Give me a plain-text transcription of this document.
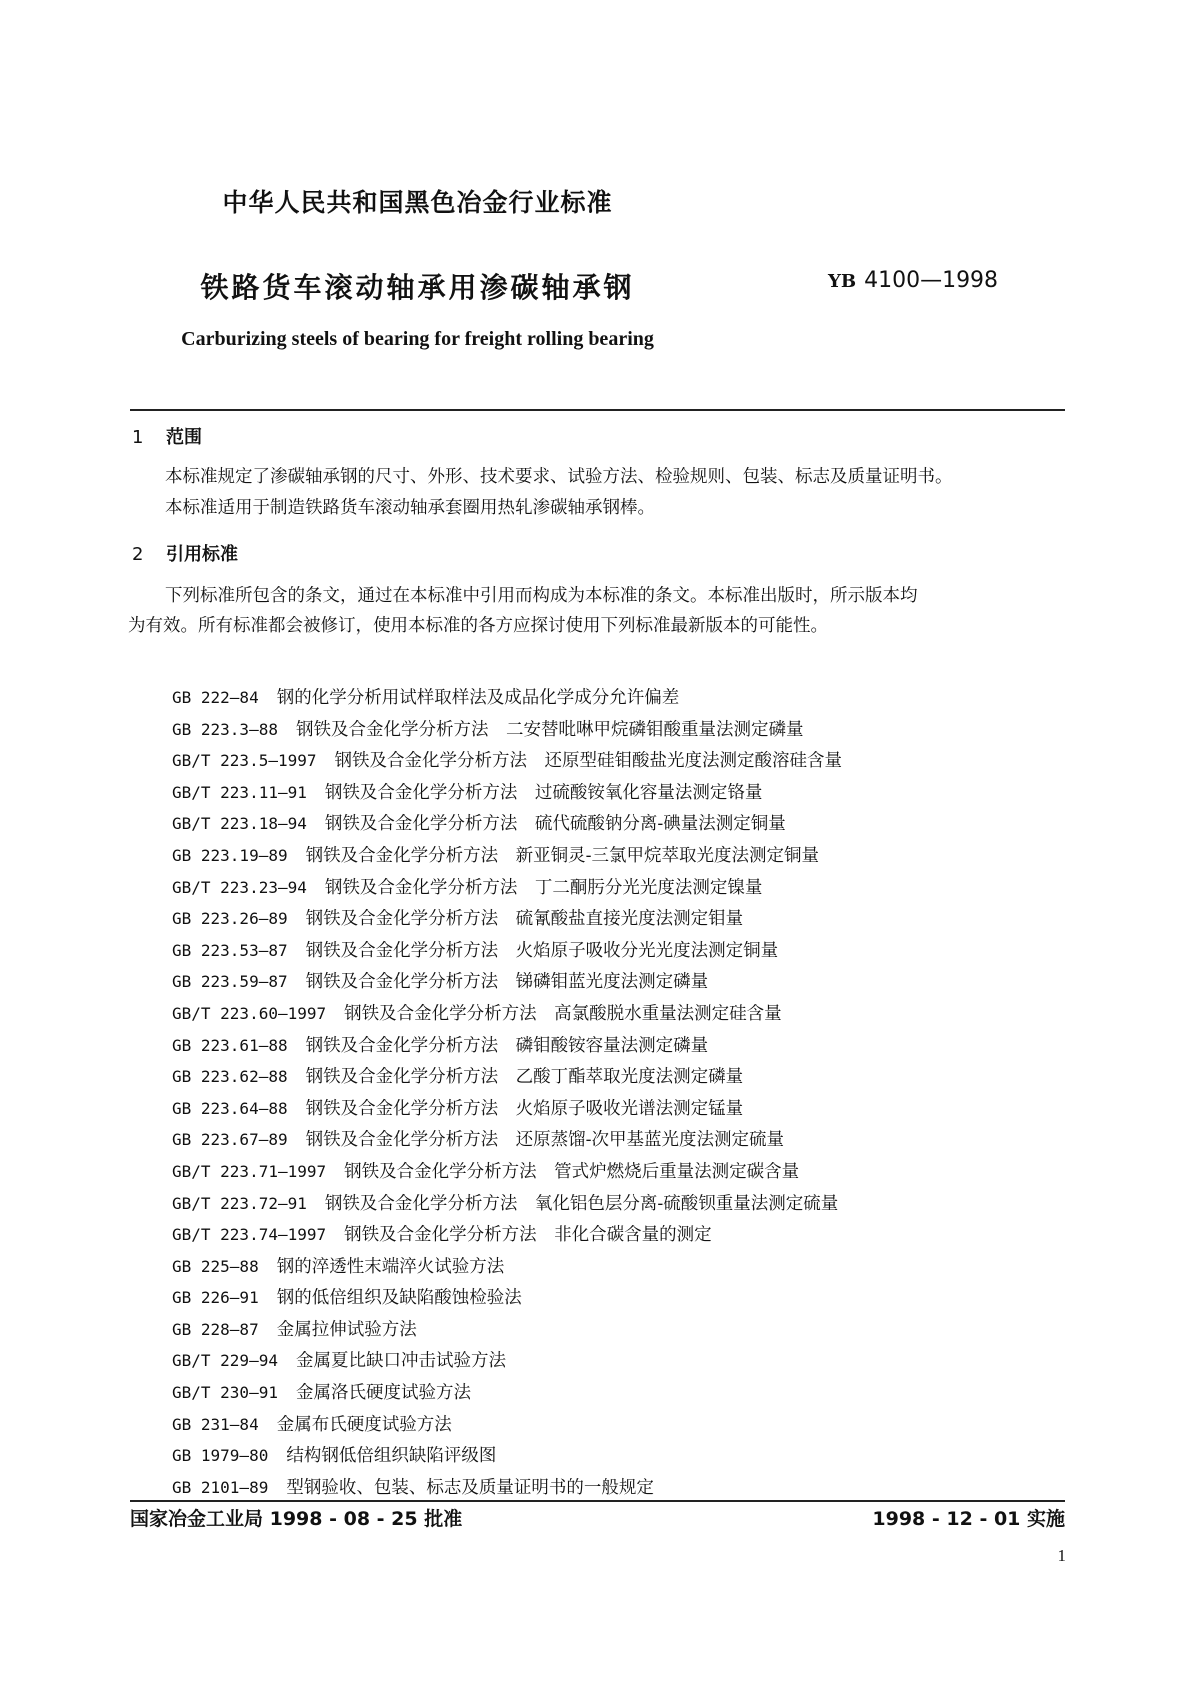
中华人民共和国黑色冶金行业标准
铁路货车滚动轴承用渗碳轴承钢	YB 4100—1998
Carburizing steels of bearing for freight rolling bearing
1 范围
本标准规定了渗碳轴承钢的尺寸、外形、技术要求、试验方法、检验规则、包装、标志及质量证明书。
本标准适用于制造铁路货车滚动轴承套圈用热轧渗碳轴承钢棒。
2 引用标准
下列标准所包含的条文，通过在本标准中引用而构成为本标准的条文。本标准出版时，所示版本均
为有效。所有标准都会被修订，使用本标准的各方应探讨使用下列标准最新版本的可能性。
GB 222—84 钢的化学分析用试样取样法及成品化学成分允许偏差
GB 223.3—88 钢铁及合金化学分析方法　二安替吡啉甲烷磷钼酸重量法测定磷量
GB/T 223.5—1997 钢铁及合金化学分析方法　还原型硅钼酸盐光度法测定酸溶硅含量
GB/T 223.11—91 钢铁及合金化学分析方法　过硫酸铵氧化容量法测定铬量
GB/T 223.18—94 钢铁及合金化学分析方法　硫代硫酸钠分离-碘量法测定铜量
GB 223.19—89 钢铁及合金化学分析方法　新亚铜灵-三氯甲烷萃取光度法测定铜量
GB/T 223.23—94 钢铁及合金化学分析方法　丁二酮肟分光光度法测定镍量
GB 223.26—89 钢铁及合金化学分析方法　硫氰酸盐直接光度法测定钼量
GB 223.53—87 钢铁及合金化学分析方法　火焰原子吸收分光光度法测定铜量
GB 223.59—87 钢铁及合金化学分析方法　锑磷钼蓝光度法测定磷量
GB/T 223.60—1997 钢铁及合金化学分析方法　高氯酸脱水重量法测定硅含量
GB 223.61—88 钢铁及合金化学分析方法　磷钼酸铵容量法测定磷量
GB 223.62—88 钢铁及合金化学分析方法　乙酸丁酯萃取光度法测定磷量
GB 223.64—88 钢铁及合金化学分析方法　火焰原子吸收光谱法测定锰量
GB 223.67—89 钢铁及合金化学分析方法　还原蒸馏-次甲基蓝光度法测定硫量
GB/T 223.71—1997 钢铁及合金化学分析方法　管式炉燃烧后重量法测定碳含量
GB/T 223.72—91 钢铁及合金化学分析方法　氧化铝色层分离-硫酸钡重量法测定硫量
GB/T 223.74—1997 钢铁及合金化学分析方法　非化合碳含量的测定
GB 225—88 钢的淬透性末端淬火试验方法
GB 226—91 钢的低倍组织及缺陷酸蚀检验法
GB 228—87 金属拉伸试验方法
GB/T 229—94 金属夏比缺口冲击试验方法
GB/T 230—91 金属洛氏硬度试验方法
GB 231—84 金属布氏硬度试验方法
GB 1979—80 结构钢低倍组织缺陷评级图
GB 2101—89 型钢验收、包装、标志及质量证明书的一般规定
国家冶金工业局 1998 - 08 - 25 批准	1998 - 12 - 01 实施
1
